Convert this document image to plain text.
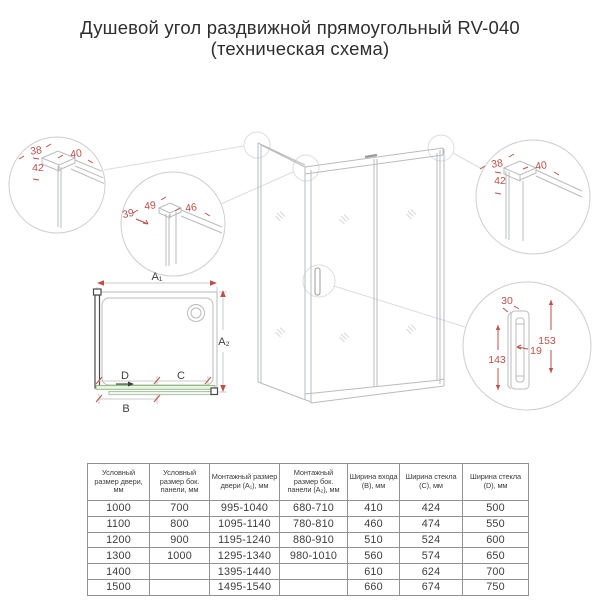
Душевой угол раздвижной прямоугольный RV-040
(техническая схема)
38	40
42
49	46
39
38	40
42
30
153
19
143
A₁
A₂
D	C
B
Условный размер двери, мм	Условный размер бок. панели, мм	Монтажный размер двери (A₁), мм	Монтажный размер бок. панели (A₂), мм	Ширина входа (B), мм	Ширина стекла (C), мм	Ширина стекла (D), мм
1000	700	995-1040	680-710	410	424	500
1100	800	1095-1140	780-810	460	474	550
1200	900	1195-1240	880-910	510	524	600
1300	1000	1295-1340	980-1010	560	574	650
1400		1395-1440		610	624	700
1500		1495-1540		660	674	750
